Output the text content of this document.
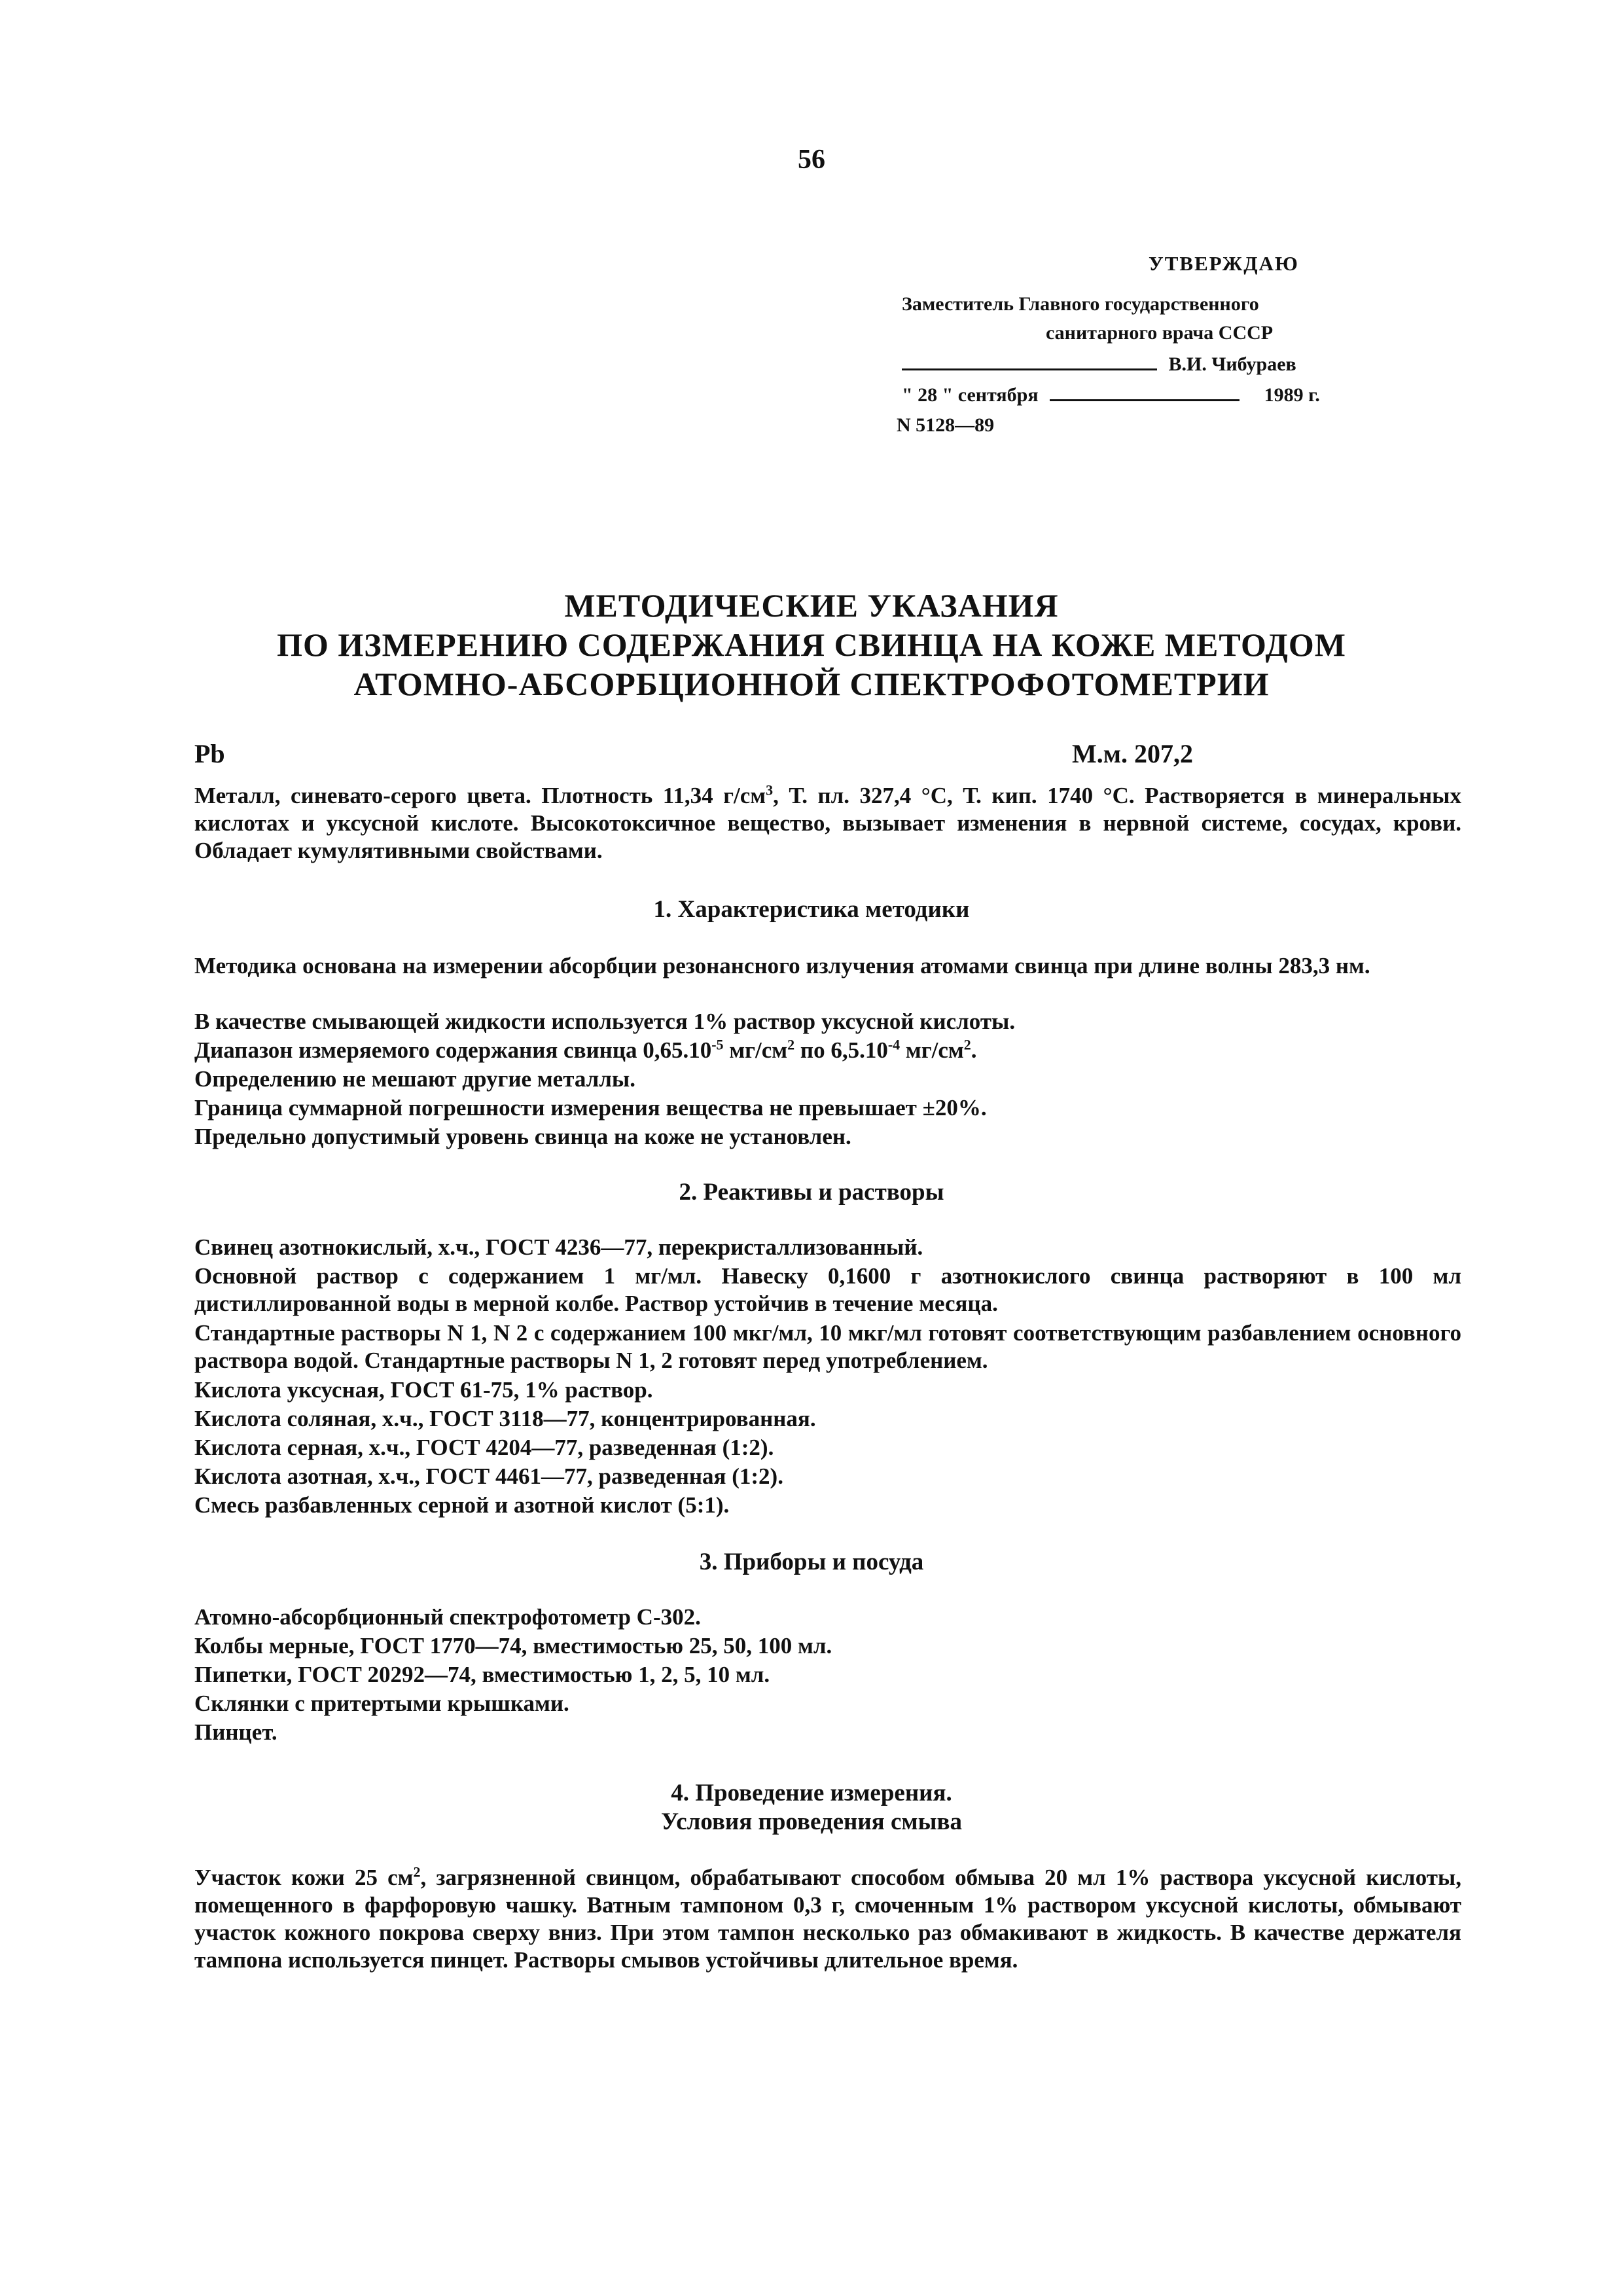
56
УТВЕРЖДАЮ
Заместитель Главного государственного
санитарного врача СССР
В.И. Чибураев
" 28 " сентября	1989 г.
N 5128—89
МЕТОДИЧЕСКИЕ УКАЗАНИЯ
ПО ИЗМЕРЕНИЮ СОДЕРЖАНИЯ СВИНЦА НА КОЖЕ МЕТОДОМ
АТОМНО-АБСОРБЦИОННОЙ СПЕКТРОФОТОМЕТРИИ
Pb	М.м. 207,2
Металл, синевато-серого цвета. Плотность 11,34 $г/см^3$, Т. пл. 327,4 °С, Т. кип. 1740 °С. Растворяется в минеральных кислотах и уксусной кислоте. Высокотоксичное вещество, вызывает изменения в нервной системе, сосудах, крови. Обладает кумулятивными свойствами.
1. Характеристика методики
Методика основана на измерении абсорбции резонансного излучения атомами свинца при длине волны 283,3 нм.
В качестве смывающей жидкости используется 1% раствор уксусной кислоты.
Диапазон измеряемого содержания свинца $0,65.10^{-5}$ $мг/см^2$ по $6,5.10^{-4}$ $мг/см^2$.
Определению не мешают другие металлы.
Граница суммарной погрешности измерения вещества не превышает ±20%.
Предельно допустимый уровень свинца на коже не установлен.
2. Реактивы и растворы
Свинец азотнокислый, х.ч., ГОСТ 4236—77, перекристаллизованный.
Основной раствор с содержанием 1 мг/мл. Навеску 0,1600 г азотнокислого свинца растворяют в 100 мл дистиллированной воды в мерной колбе. Раствор устойчив в течение месяца.
Стандартные растворы N 1, N 2 с содержанием 100 мкг/мл, 10 мкг/мл готовят соответствующим разбавлением основного раствора водой. Стандартные растворы N 1, 2 готовят перед употреблением.
Кислота уксусная, ГОСТ 61-75, 1% раствор.
Кислота соляная, х.ч., ГОСТ 3118—77, концентрированная.
Кислота серная, х.ч., ГОСТ 4204—77, разведенная (1:2).
Кислота азотная, х.ч., ГОСТ 4461—77, разведенная (1:2).
Смесь разбавленных серной и азотной кислот (5:1).
3. Приборы и посуда
Атомно-абсорбционный спектрофотометр С-302.
Колбы мерные, ГОСТ 1770—74, вместимостью 25, 50, 100 мл.
Пипетки, ГОСТ 20292—74, вместимостью 1, 2, 5, 10 мл.
Склянки с притертыми крышками.
Пинцет.
4. Проведение измерения.
Условия проведения смыва
Участок кожи 25 $см^2$, загрязненной свинцом, обрабатывают способом обмыва 20 мл 1% раствора уксусной кислоты, помещенного в фарфоровую чашку. Ватным тампоном 0,3 г, смоченным 1% раствором уксусной кислоты, обмывают участок кожного покрова сверху вниз. При этом тампон несколько раз обмакивают в жидкость. В качестве держателя тампона используется пинцет. Растворы смывов устойчивы длительное время.
